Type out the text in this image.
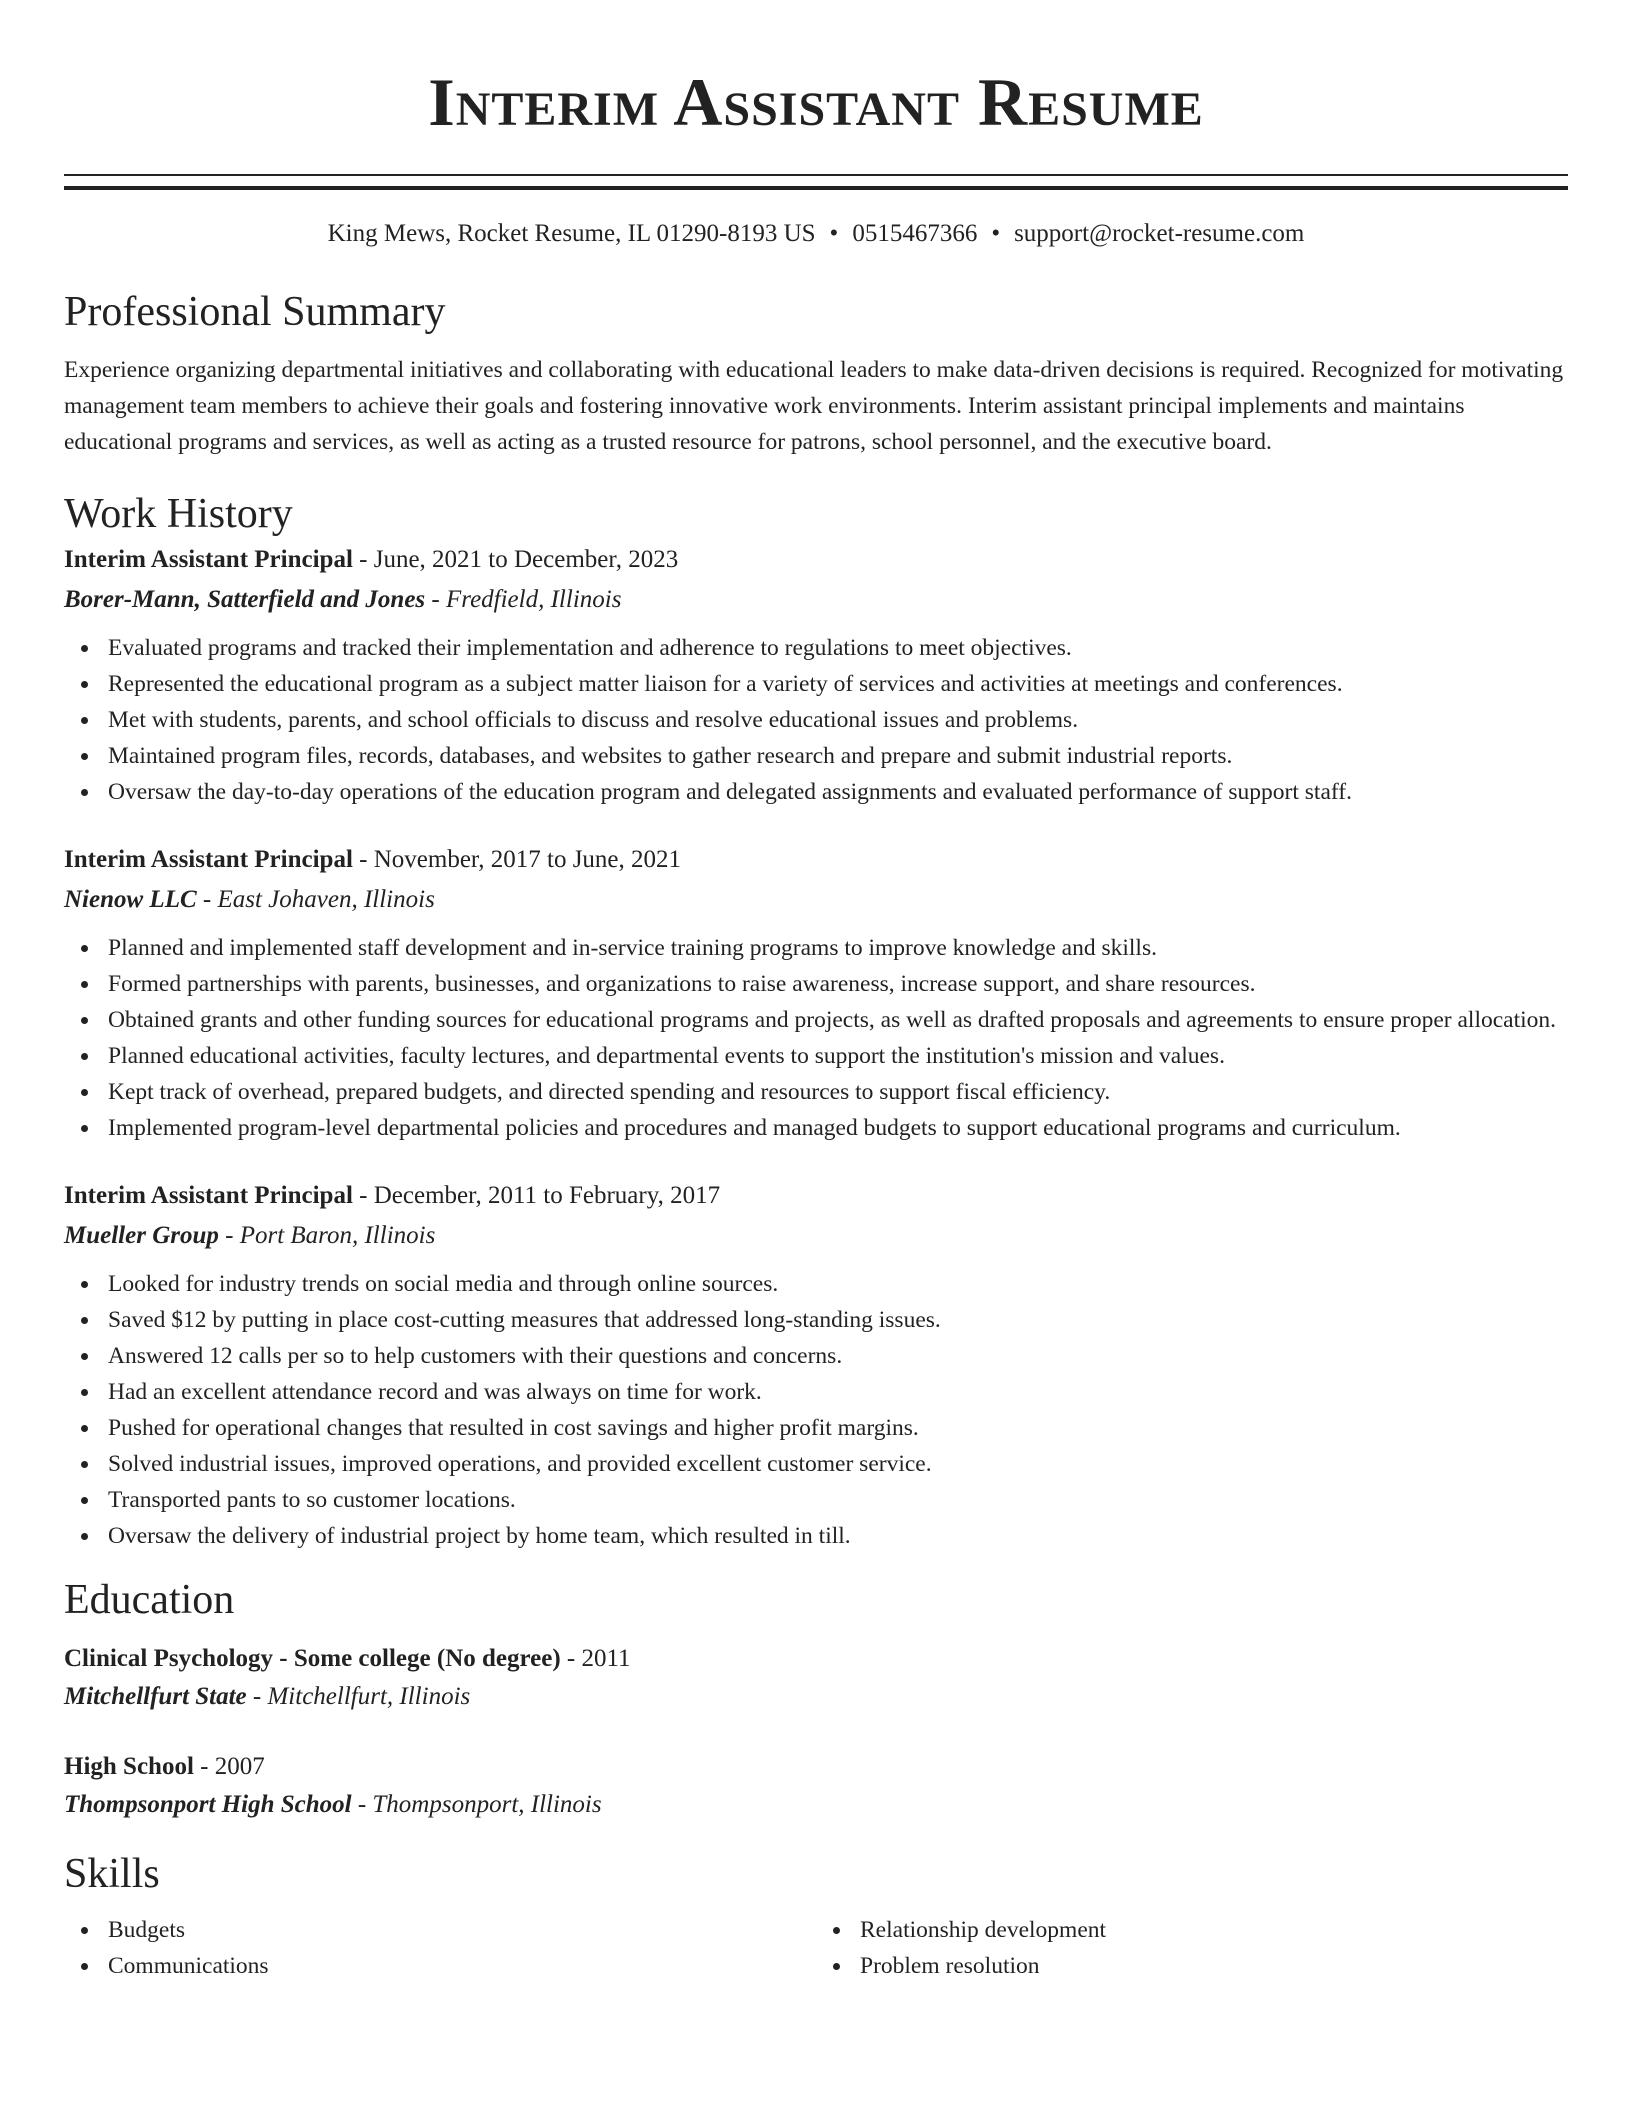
Interim Assistant Resume
King Mews, Rocket Resume, IL 01290-8193 US • 0515467366 • support@rocket-resume.com
Professional Summary

Experience organizing departmental initiatives and collaborating with educational leaders to make data-driven decisions is required. Recognized for motivating management team members to achieve their goals and fostering innovative work environments. Interim assistant principal implements and maintains educational programs and services, as well as acting as a trusted resource for patrons, school personnel, and the executive board.

Work History
Interim Assistant Principal - June, 2021 to December, 2023
Borer-Mann, Satterfield and Jones - Fredfield, Illinois
Evaluated programs and tracked their implementation and adherence to regulations to meet objectives.
Represented the educational program as a subject matter liaison for a variety of services and activities at meetings and conferences.
Met with students, parents, and school officials to discuss and resolve educational issues and problems.
Maintained program files, records, databases, and websites to gather research and prepare and submit industrial reports.
Oversaw the day-to-day operations of the education program and delegated assignments and evaluated performance of support staff.
Interim Assistant Principal - November, 2017 to June, 2021
Nienow LLC - East Johaven, Illinois
Planned and implemented staff development and in-service training programs to improve knowledge and skills.
Formed partnerships with parents, businesses, and organizations to raise awareness, increase support, and share resources.
Obtained grants and other funding sources for educational programs and projects, as well as drafted proposals and agreements to ensure proper allocation.
Planned educational activities, faculty lectures, and departmental events to support the institution's mission and values.
Kept track of overhead, prepared budgets, and directed spending and resources to support fiscal efficiency.
Implemented program-level departmental policies and procedures and managed budgets to support educational programs and curriculum.
Interim Assistant Principal - December, 2011 to February, 2017
Mueller Group - Port Baron, Illinois
Looked for industry trends on social media and through online sources.
Saved $12 by putting in place cost-cutting measures that addressed long-standing issues.
Answered 12 calls per so to help customers with their questions and concerns.
Had an excellent attendance record and was always on time for work.
Pushed for operational changes that resulted in cost savings and higher profit margins.
Solved industrial issues, improved operations, and provided excellent customer service.
Transported pants to so customer locations.
Oversaw the delivery of industrial project by home team, which resulted in till.
Education
Clinical Psychology - Some college (No degree) - 2011
Mitchellfurt State - Mitchellfurt, Illinois
High School - 2007
Thompsonport High School - Thompsonport, Illinois
Skills
Budgets
Communications
Relationship development
Problem resolution
